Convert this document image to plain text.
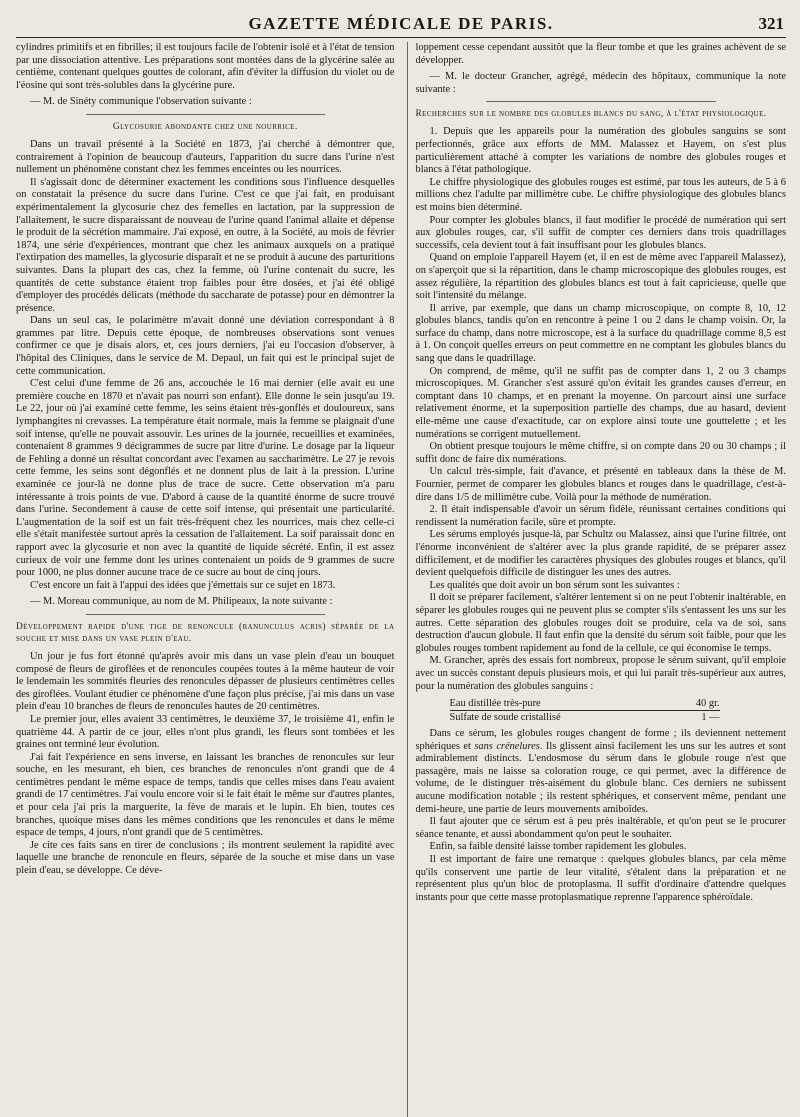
GAZETTE MÉDICALE DE PARIS.	321

cylindres primitifs et en fibrilles; il est toujours facile de l'obtenir isolé et à l'état de tension par une dissociation attentive. Les préparations sont montées dans de la glycérine salée au centième, contenant quelques gouttes de colorant, afin d'éviter la diffusion du violet ou de l'éosine qui sont très-solubles dans la glycérine pure.

— M. de Sinéty communique l'observation suivante :

Glycosurie abondante chez une nourrice.

Dans un travail présenté à la Société en 1873, j'ai cherché à démontrer que, contrairement à l'opinion de beaucoup d'auteurs, l'apparition du sucre dans l'urine n'est nullement un phénomène constant chez les femmes enceintes ou les nourrices.

Il s'agissait donc de déterminer exactement les conditions sous l'influence desquelles on constatait la présence du sucre dans l'urine. C'est ce que j'ai fait, en produisant expérimentalement la glycosurie chez des femelles en lactation, par la suppression de l'allaitement, le sucre disparaissant de nouveau de l'urine quand l'animal allaite et dépense le produit de la sécrétion mammaire. J'ai exposé, en outre, à la Société, au mois de février 1874, une série d'expériences, montrant que chez les animaux auxquels on a pratiqué l'extirpation des mamelles, la glycosurie disparaît et ne se produit à aucune des parturitions suivantes. Dans la plupart des cas, chez la femme, où l'urine contenait du sucre, les quantités de cette substance étaient trop faibles pour être dosées, et j'ai été obligé d'employer des procédés délicats (méthode du saccharate de potasse) pour en démontrer la présence.

Dans un seul cas, le polarimètre m'avait donné une déviation correspondant à 8 grammes par litre. Depuis cette époque, de nombreuses observations sont venues confirmer ce que je disais alors, et, ces jours derniers, j'ai eu l'occasion d'observer, à l'hôpital des Cliniques, dans le service de M. Depaul, un fait qui est le principal sujet de cette communication.

C'est celui d'une femme de 26 ans, accouchée le 16 mai dernier (elle avait eu une première couche en 1870 et n'avait pas nourri son enfant). Elle donne le sein jusqu'au 19. Le 22, jour où j'ai examiné cette femme, les seins étaient très-gonflés et douloureux, sans lymphangites ni crevasses. La température était normale, mais la femme se plaignait d'une soif intense, qu'elle ne pouvait assouvir. Les urines de la journée, recueillies et examinées, contenaient 8 grammes 9 décigrammes de sucre par litre d'urine. Le dosage par la liqueur de Fehling a donné un résultat concordant avec l'examen au saccharimètre. Le 27 je revois cette femme, les seins sont dégonflés et ne donnent plus de lait à la pression. L'urine examinée ce jour-là ne donne plus de trace de sucre. Cette observation m'a paru intéressante à trois points de vue. D'abord à cause de la quantité énorme de sucre trouvé dans l'urine. Secondement à cause de cette soif intense, qui présentait une particularité. L'augmentation de la soif est un fait très-fréquent chez les nourrices, mais chez celle-ci elle s'était manifestée surtout après la cessation de l'allaitement. La soif paraissait donc en rapport avec la glycosurie et non avec la quantité de liquide sécrété. Enfin, il est assez curieux de voir une femme dont les urines contenaient un poids de 9 grammes de sucre pour 1000, ne plus donner aucune trace de ce sucre au bout de cinq jours.

C'est encore un fait à l'appui des idées que j'émettais sur ce sujet en 1873.

— M. Moreau communique, au nom de M. Philipeaux, la note suivante :

Développement rapide d'une tige de renoncule (ranunculus acris) séparée de la souche et mise dans un vase plein d'eau.

Un jour je fus fort étonné qu'après avoir mis dans un vase plein d'eau un bouquet composé de fleurs de giroflées et de renoncules coupées toutes à la même hauteur de voir le lendemain les sommités fleuries des renoncules dépasser de plusieurs centimètres celles des giroflées. Voulant étudier ce phénomène d'une façon plus précise, j'ai mis dans un vase plein d'eau 10 branches de fleurs de renoncules hautes de 20 centimètres.

Le premier jour, elles avaient 33 centimètres, le deuxième 37, le troisième 41, enfin le quatrième 44. A partir de ce jour, elles n'ont plus grandi, les fleurs sont tombées et les graines ont terminé leur évolution.

J'ai fait l'expérience en sens inverse, en laissant les branches de renoncules sur leur souche, en les mesurant, eh bien, ces branches de renoncules n'ont grandi que de 4 centimètres pendant le même espace de temps, tandis que celles mises dans l'eau avaient grandi de 17 centimètres. J'ai voulu encore voir si le fait était le même sur d'autres plantes, et pour cela j'ai pris la marguerite, la fève de marais et le lupin. Eh bien, toutes ces branches, quoique mises dans les mêmes conditions que les renoncules et dans le même espace de temps, 4 jours, n'ont grandi que de 5 centimètres.

Je cite ces faits sans en tirer de conclusions ; ils montrent seulement la rapidité avec laquelle une branche de renoncule en fleurs, séparée de la souche et mise dans un vase plein d'eau, se développe. Ce déve-

loppement cesse cependant aussitôt que la fleur tombe et que les graines achèvent de se développer.

— M. le docteur Grancher, agrégé, médecin des hôpitaux, communique la note suivante :

Recherches sur le nombre des globules blancs du sang, à l'état physiologique.

1. Depuis que les appareils pour la numération des globules sanguins se sont perfectionnés, grâce aux efforts de MM. Malassez et Hayem, on s'est plus particulièrement attaché à compter les variations de nombre des globules rouges et blancs à l'état pathologique.

Le chiffre physiologique des globules rouges est estimé, par tous les auteurs, de 5 à 6 millions chez l'adulte par millimètre cube. Le chiffre physiologique des globules blancs est moins bien déterminé.

Pour compter les globules blancs, il faut modifier le procédé de numération qui sert aux globules rouges, car, s'il suffit de compter ces derniers dans trois quadrillages successifs, cela devient tout à fait insuffisant pour les globules blancs.

Quand on emploie l'appareil Hayem (et, il en est de même avec l'appareil Malassez), on s'aperçoit que si la répartition, dans le champ microscopique des globules rouges, est assez régulière, la répartition des globules blancs est tout à fait capricieuse, quelle que soit l'intensité du mélange.

Il arrive, par exemple, que dans un champ microscopique, on compte 8, 10, 12 globules blancs, tandis qu'on en rencontre à peine 1 ou 2 dans le champ voisin. Or, la surface du champ, dans notre microscope, est à la surface du quadrillage comme 8,5 est à 1. On conçoit quelles erreurs on peut commettre en ne comptant les globules blancs du sang que dans le quadrillage.

On comprend, de même, qu'il ne suffit pas de compter dans 1, 2 ou 3 champs microscopiques. M. Grancher s'est assuré qu'on évitait les grandes causes d'erreur, en comptant dans 10 champs, et en prenant la moyenne. On parcourt ainsi une surface relativement énorme, et la superposition partielle des champs, due au hasard, devient elle-même une cause d'exactitude, car on explore ainsi toute une gouttelette ; et les numérations se corrigent mutuellement.

On obtient presque toujours le même chiffre, si on compte dans 20 ou 30 champs ; il suffit donc de faire dix numérations.

Un calcul très-simple, fait d'avance, et présenté en tableaux dans la thèse de M. Fournier, permet de comparer les globules blancs et rouges dans le quadrillage, c'est-à-dire dans 1/5 de millimètre cube. Voilà pour la méthode de numération.

2. Il était indispensable d'avoir un sérum fidèle, réunissant certaines conditions qui rendissent la numération facile, sûre et prompte.

Les sérums employés jusque-là, par Schultz ou Malassez, ainsi que l'urine filtrée, ont l'énorme inconvénient de s'altérer avec la plus grande rapidité, de se préparer assez difficilement, et de modifier les caractères physiques des globules rouges et blancs, qu'il devient quelquefois difficile de distinguer les unes des autres.

Les qualités que doit avoir un bon sérum sont les suivantes :

Il doit se préparer facilement, s'altérer lentement si on ne peut l'obtenir inaltérable, en séparer les globules rouges qui ne peuvent plus se compter s'ils s'entassent les uns sur les autres. Cette séparation des globules rouges doit se produire, cela va de soi, sans destruction d'aucun globule. Il faut enfin que la densité du sérum soit faible, pour que les globules rouges tombent rapidement au fond de la cellule, ce qui économise le temps.

M. Grancher, après des essais fort nombreux, propose le sérum suivant, qu'il emploie avec un succès constant depuis plusieurs mois, et qui lui paraît très-supérieur aux autres, pour la numération des globules sanguins :

Eau distillée très-pure	40 gr.
Sulfate de soude cristallisé	1 —

Dans ce sérum, les globules rouges changent de forme ; ils deviennent nettement sphériques et sans crénelures. Ils glissent ainsi facilement les uns sur les autres et sont admirablement distincts. L'endosmose du sérum dans le globule rouge n'est que passagère, mais ne laisse sa coloration rouge, ce qui permet, avec la différence de volume, de le distinguer très-aisément du globule blanc. Ces derniers ne subissent aucune modification notable ; ils restent sphériques, et conservent même, pendant une demi-heure, une partie de leurs mouvements amiboïdes.

Il faut ajouter que ce sérum est à peu près inaltérable, et qu'on peut se le procurer séance tenante, et aussi abondamment qu'on peut le souhaiter.

Enfin, sa faible densité laisse tomber rapidement les globules.

Il est important de faire une remarque : quelques globules blancs, par cela même qu'ils conservent une partie de leur vitalité, s'étalent dans la préparation et ne représentent plus qu'un bloc de protoplasma. Il suffit d'ordinaire d'attendre quelques instants pour que cette masse protoplasmatique reprenne l'apparence sphéroïdale.
